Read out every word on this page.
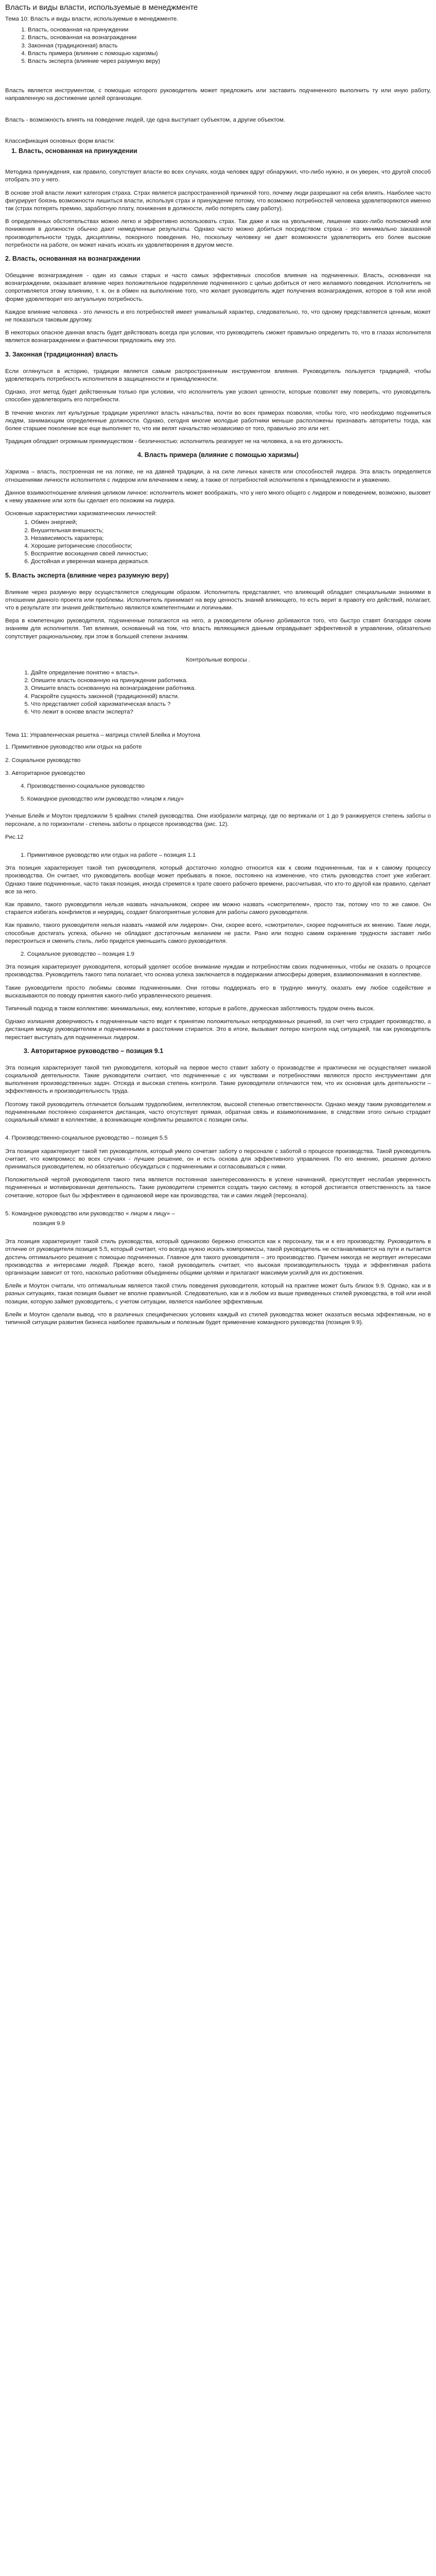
Власть и виды власти, используемые в менеджменте

Тема 10: Власть и виды власти, используемые в менеджменте.

1. Власть, основанная на принуждении
2. Власть, основанная на вознаграждении
3. Законная (традиционная) власть
4. Власть примера (влияние с помощью харизмы)
5. Власть эксперта (влияние через разумную веру)

Власть является инструментом, с помощью которого руководитель может предложить или заставить подчиненного выполнить ту или иную работу, направленную на достижение целей организации.

Власть - возможность влиять на поведение людей, где одна выступает субъектом, а другие объектом.

Классификация основных форм власти:

1. Власть, основанная на принуждении

Методика принуждения, как правило, сопутствует власти во всех случаях, когда человек вдруг обнаружил, что-либо нужно, и он уверен, что другой способ отобрать это у него.

В основе этой власти лежит категория страха. Страх является распространенной причиной того, почему люди разрешают на себя влиять. Наиболее часто фигурирует боязнь возможности лишиться власти, используя страх и принуждение потому, что возможно потребностей человека удовлетворяются именно так (страх потерять премию, заработную плату, понижения в должности, либо потерять саму работу).

В определенных обстоятельствах можно легко и эффективно использовать страх. Так даже и как на увольнение, лишение каких-либо полномочий или понижения в должности обычно дают немедленные результаты. Однако часто можно добиться посредством страха - это минимально заказанной производительности труда, дисциплины, покорного поведения. Но, поскольку человеку не дает возможности удовлетворить его более высокие потребности на работе, он может начать искать их удовлетворения в другом месте.

2. Власть, основанная на вознаграждении

Обещание вознаграждения - один из самых старых и часто самых эффективных способов влияния на подчиненных. Власть, основанная на вознаграждении, оказывает влияние через положительное подкрепление подчиненного с целью добиться от него желаемого поведения. Исполнитель не сопротивляется этому влиянию, т. к. он в обмен на выполнение того, что желает руководитель ждет получения вознаграждения, которое в той или иной форме удовлетворит его актуальную потребность.

Каждое влияние человека - это личность и его потребностей имеет уникальный характер, следовательно, то, что одному представляется ценным, может не показаться таковым другому.

В некоторых опасное данная власть будет действовать всегда при условии, что руководитель сможет правильно определить то, что в глазах исполнителя является вознаграждением и фактически предложить ему это.

3. Законная (традиционная) власть

Если оглянуться в историю, традиции является самым распространенным инструментом влияния. Руководитель пользуется традицией, чтобы удовлетворить потребность исполнителя в защищенности и принадлежности.

Однако, этот метод будет действенным только при условии, что исполнитель уже усвоил ценности, которые позволят ему поверить, что руководитель способен удовлетворить его потребности.

В течение многих лет культурные традиции укрепляют власть начальства, почти во всех примерах позволяя, чтобы того, что необходимо подчиниться людям, занимающим определенные должности. Однако, сегодня многие молодые работники меньше расположены признавать авторитеты тогда, как более старшее поколение все еще выполняет то, что им велят начальство независимо от того, правильно это или нет.

Традиция обладает огромным преимуществом - безличностью: исполнитель реагирует не на человека, а на его должность.

4. Власть примера (влияние с помощью харизмы)

Харизма – власть, построенная не на логике, не на давней традиции, а на силе личных качеств или способностей лидера. Эта власть определяется отношениями личности исполнителя с лидером или влечением к нему, а также от потребностей исполнителя к принадлежности и уважению.

Данное взаимоотношение влияния целиком личное: исполнитель может воображать, что у него много общего с лидером и поведением, возможно, вызовет к нему уважение или хотя бы сделает его похожим на лидера.

Основные характеристики харизматических личностей:

1. Обмен энергией;
2. Внушительная внешность;
3. Независимость характера;
4. Хорошие риторические способности;
5. Восприятие восхищения своей личностью;
6. Достойная и уверенная манера держаться.
5. Власть эксперта (влияние через разумную веру)

Влияние через разумную веру осуществляется следующим образом. Исполнитель представляет, что влияющий обладает специальными знаниями в отношении данного проекта или проблемы. Исполнитель принимает на веру ценность знаний влияющего, то есть верит в правоту его действий, полагает, что в результате эти знания действительно являются компетентными и логичными.

Вера в компетенцию руководителя, подчиненные полагаются на него, а руководители обычно добиваются того, что быстро ставят благодаря своим знаниям для исполнителя. Тип влияния, основанный на том, что власть являющимся данным оправдывает эффективной в управлении, обязательно сопутствует рациональному, при этом в большей степени знаниям.

Контрольные вопросы .

1. Дайте определение понятию « власть».
2. Опишите власть основанную на принуждении работника.
3. Опишите власть основанную на вознаграждении работника.
4. Раскройте сущность законной (традиционной) власти.
5. Что представляет собой харизматическая власть ?
6. Что лежит в основе власти эксперта?

Тема 11: Управленческая решетка – матрица стилей Блейка и Моутона

1. Примитивное руководство или отдых на работе

2. Социальное руководство

3. Авторитарное руководство

4. Производственно-социальное руководство

5. Командное руководство или руководство «лицом к лицу»

Ученые Блейк и Моутон предложили 5 крайних стилей руководства. Они изобразили матрицу, где по вертикали от 1 до 9 ранжируется степень заботы о персонале, а по горизонтали - степень заботы о процессе производства (рис. 12).

Рис.12

1. Примитивное руководство или отдых на работе – позиция 1.1

Эта позиция характеризует такой тип руководителя, который достаточно холодно относится как к своим подчиненным, так и к самому процессу производства. Он считает, что руководитель вообще может пребывать в покое, постоянно на изменение, что стиль руководства стоит уже избегает. Однако такие подчиненные, часто такая позиция, иногда стремятся к трате своего рабочего времени, рассчитывая, что кто-то другой как правило, сделает все за него.

Как правило, такого руководителя нельзя назвать начальником, скорее им можно назвать «смотрителем», просто так, потому что то же самое. Он старается избегать конфликтов и неурядиц, создает благоприятные условия для работы самого руководителя.

Как правило, такого руководителя нельзя назвать «мамой или лидером». Они, скорее всего, «смотрители», скорее подчиняться их мнению. Такие люди, способные достигать успеха, обычно не обладают достаточным желанием не расти. Рано или поздно самим охранение трудности заставят либо перестроиться и сменить стиль, либо придется уменьшить самого руководителя.

2. Социальное руководство – позиция 1.9

Эта позиция характеризует руководителя, который уделяет особое внимание нуждам и потребностям своих подчиненных, чтобы не сказать о процессе производства. Руководитель такого типа полагает, что основа успеха заключается в поддержании атмосферы доверия, взаимопонимания в коллективе.

Такие руководители просто любимы своими подчиненными. Они готовы поддержать его в трудную минуту, оказать ему любое содействие и высказываются по поводу принятия какого-либо управленческого решения.

Типичный подход в таком коллективе: минимальных, ему, коллективе, которые в работе, дружеская заботливость трудом очень высок.

Однако излишняя доверчивость к подчиненным часто ведет к принятию положительных непродуманных решений, за счет чего страдает производство, а дистанция между руководителем и подчиненными в расстоянии стирается. Это в итоге, вызывает потерю контроля над ситуацией, так как руководитель перестает выступать для подчиненных лидером.

3. Авторитарное руководство – позиция 9.1

Эта позиция характеризует такой тип руководителя, который на первое место ставит заботу о производстве и практически не осуществляет никакой социальной деятельности. Такие руководители считают, что подчиненные с их чувствами и потребностями являются просто инструментами для выполнения производственных задач. Отсюда и высокая степень контроля. Такие руководители отличаются тем, что их основная цель деятельности – эффективность и производительность труда.

Поэтому такой руководитель отличается большим трудолюбием, интеллектом, высокой степенью ответственности. Однако между таким руководителем и подчиненными постоянно сохраняется дистанция, часто отсутствует прямая, обратная связь и взаимопонимание, в следствии этого сильно страдает социальный климат в коллективе, а возникающие конфликты решаются с позиции силы.

4. Производственно-социальное руководство – позиция 5.5

Эта позиция характеризует такой тип руководителя, который умело сочетает заботу о персонале с заботой о процессе производства. Такой руководитель считает, что компромисс во всех случаях - лучшее решение, он и есть основа для эффективного управления. По его мнению, решение должно приниматься руководителем, но обязательно обсуждаться с подчиненными и согласовываться с ними.

Положительной чертой руководителя такого типа является постоянная заинтересованность в успехе начинаний, присутствует неслабая уверенность подчиненных и мотивированная деятельность. Такие руководители стремятся создать такую систему, в которой достигается ответственность за такое сочетание, которое был бы эффективен в одинаковой мере как производства, так и самих людей (персонала).

5. Командное руководство или руководство « лицом к лицу» –

позиция 9.9

Эта позиция характеризует такой стиль руководства, который одинаково бережно относится как к персоналу, так и к его производству. Руководитель в отличие от руководителя позиция 5.5, который считает, что всегда нужно искать компромиссы, такой руководитель не останавливается на пути и пытается достичь оптимального решения с помощью подчиненных. Главное для такого руководителя – это производство. Причем никогда не жертвует интересами производства и интересами людей. Прежде всего, такой руководитель считает, что высокая производительность труда и эффективная работа организации зависит от того, насколько работники объединены общими целями и прилагают максимум усилий для их достижения.

Блейк и Моутон считали, что оптимальным является такой стиль поведения руководителя, который на практике может быть близок 9.9. Однако, как и в разных ситуациях, такая позиция бывает не вполне правильной. Следовательно, как и в любом из выше приведенных стилей руководства, в той или иной позиции, которую займет руководитель, с учетом ситуации, является наиболее эффективным.

Блейк и Моутон сделали вывод, что в различных специфических условиях каждый из стилей руководства может оказаться весьма эффективным, но в типичной ситуации развития бизнеса наиболее правильным и полезным будет применение командного руководства (позиция 9.9).
